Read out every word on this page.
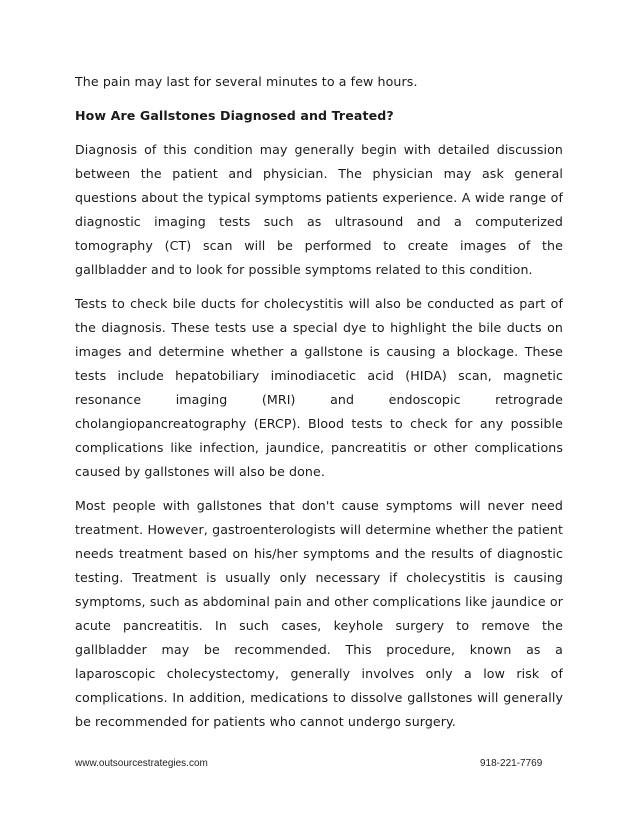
The pain may last for several minutes to a few hours.

How Are Gallstones Diagnosed and Treated?

Diagnosis of this condition may generally begin with detailed discussion between the patient and physician. The physician may ask general questions about the typical symptoms patients experience. A wide range of diagnostic imaging tests such as ultrasound and a computerized tomography (CT) scan will be performed to create images of the gallbladder and to look for possible symptoms related to this condition.

Tests to check bile ducts for cholecystitis will also be conducted as part of the diagnosis. These tests use a special dye to highlight the bile ducts on images and determine whether a gallstone is causing a blockage. These tests include hepatobiliary iminodiacetic acid (HIDA) scan, magnetic resonance imaging (MRI) and endoscopic retrograde cholangiopancreatography (ERCP). Blood tests to check for any possible complications like infection, jaundice, pancreatitis or other complications caused by gallstones will also be done.

Most people with gallstones that don't cause symptoms will never need treatment. However, gastroenterologists will determine whether the patient needs treatment based on his/her symptoms and the results of diagnostic testing. Treatment is usually only necessary if cholecystitis is causing symptoms, such as abdominal pain and other complications like jaundice or acute pancreatitis. In such cases, keyhole surgery to remove the gallbladder may be recommended. This procedure, known as a laparoscopic cholecystectomy, generally involves only a low risk of complications. In addition, medications to dissolve gallstones will generally be recommended for patients who cannot undergo surgery.

www.outsourcestrategies.com	918-221-7769
